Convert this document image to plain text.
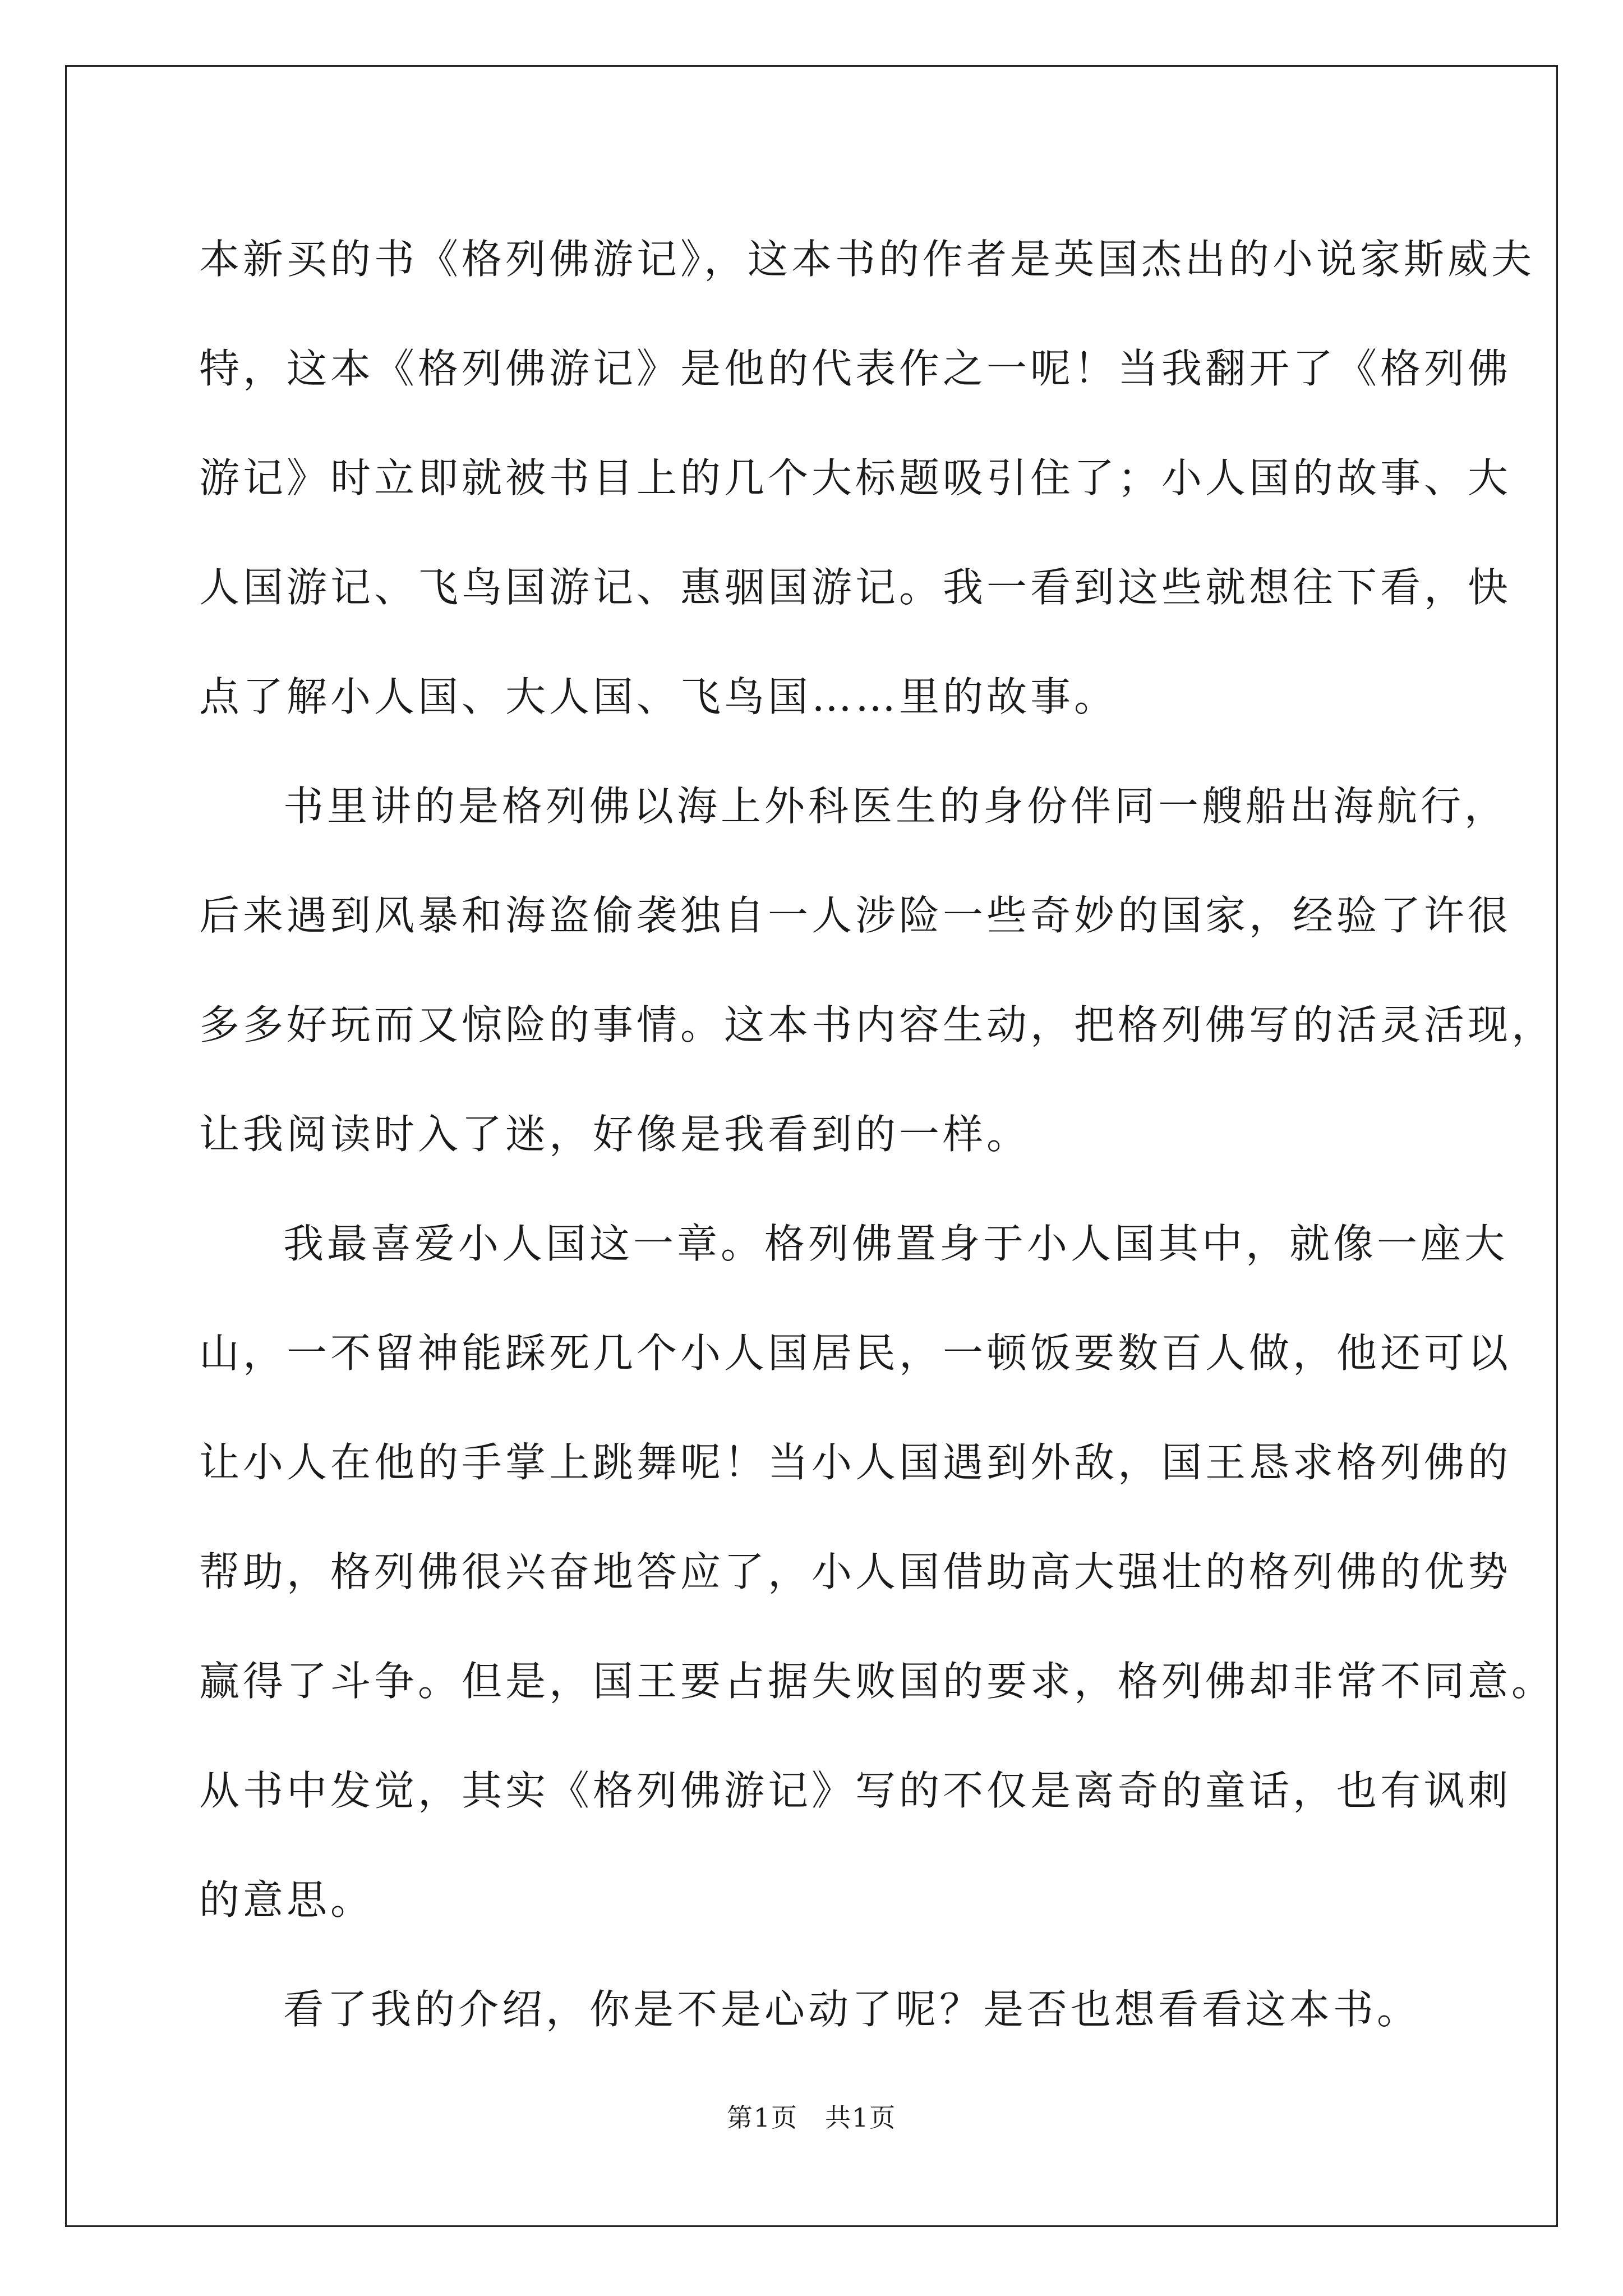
本新买的书《格列佛游记》，这本书的作者是英国杰出的小说家斯威夫
特，这本《格列佛游记》是他的代表作之一呢！当我翻开了《格列佛
游记》时立即就被书目上的几个大标题吸引住了；小人国的故事、大
人国游记、飞鸟国游记、惠骃国游记。我一看到这些就想往下看，快
点了解小人国、大人国、飞鸟国……里的故事。
书里讲的是格列佛以海上外科医生的身份伴同一艘船出海航行，
后来遇到风暴和海盗偷袭独自一人涉险一些奇妙的国家，经验了许很
多多好玩而又惊险的事情。这本书内容生动，把格列佛写的活灵活现，
让我阅读时入了迷，好像是我看到的一样。
我最喜爱小人国这一章。格列佛置身于小人国其中，就像一座大
山，一不留神能踩死几个小人国居民，一顿饭要数百人做，他还可以
让小人在他的手掌上跳舞呢！当小人国遇到外敌，国王恳求格列佛的
帮助，格列佛很兴奋地答应了，小人国借助高大强壮的格列佛的优势
赢得了斗争。但是，国王要占据失败国的要求，格列佛却非常不同意。
从书中发觉，其实《格列佛游记》写的不仅是离奇的童话，也有讽刺
的意思。
看了我的介绍，你是不是心动了呢？是否也想看看这本书。
第1页 共1页
